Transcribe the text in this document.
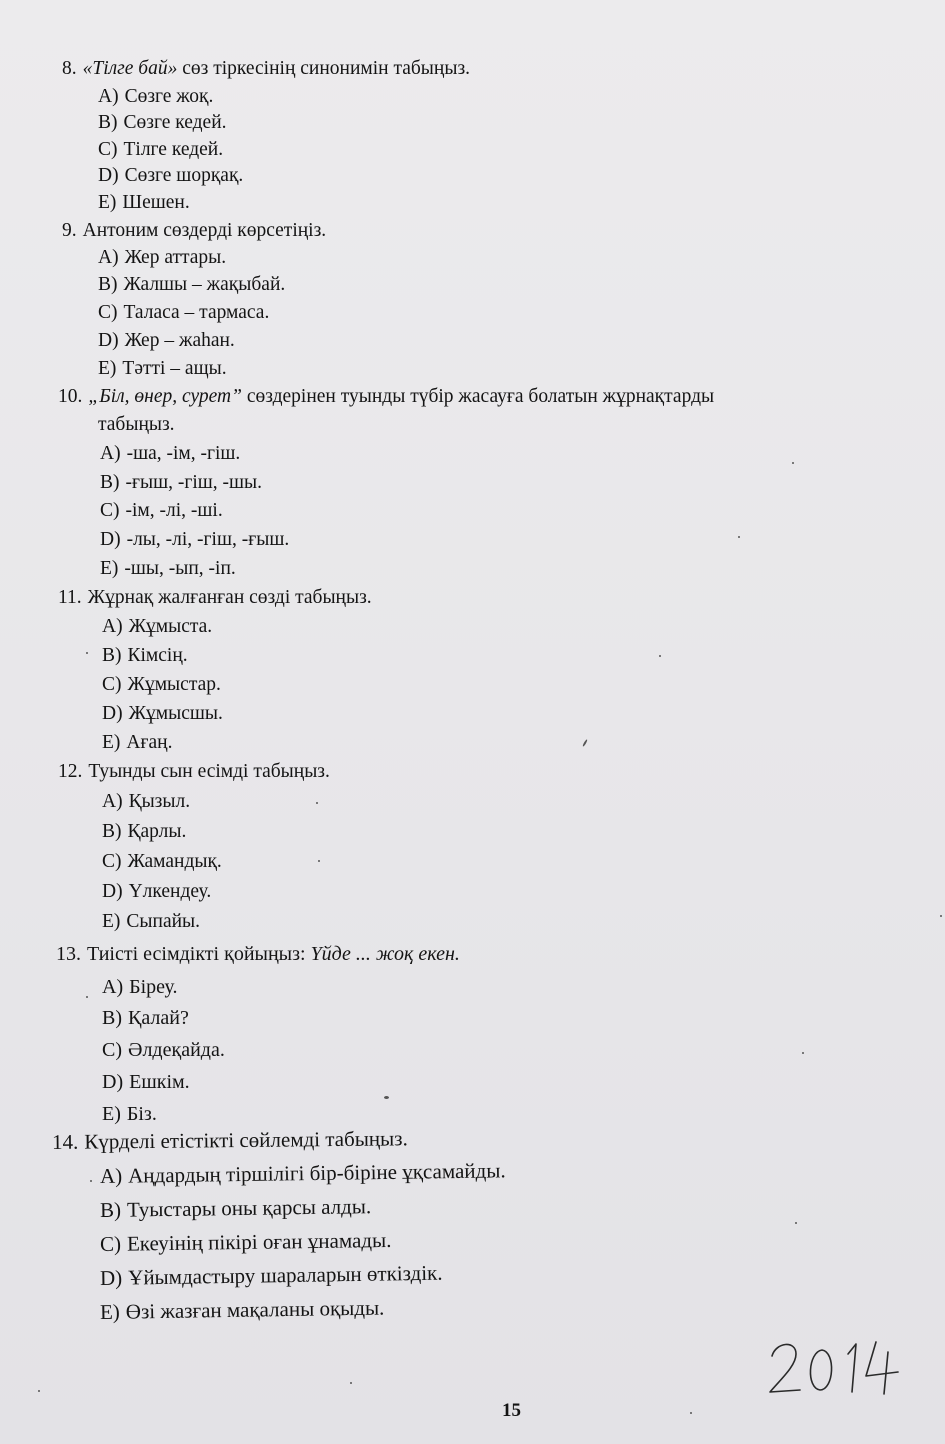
8. «Тілге бай» сөз тіркесінің синонимін табыңыз.
A) Сөзге жоқ.
B) Сөзге кедей.
C) Тілге кедей.
D) Сөзге шорқақ.
E) Шешен.
9. Антоним сөздерді көрсетіңіз.
A) Жер аттары.
B) Жалшы – жақыбай.
C) Таласа – тармаса.
D) Жер – жаһан.
E) Тәтті – ащы.
10. „Біл, өнер, сурет” сөздерінен туынды түбір жасауға болатын жұрнақтарды
табыңыз.
A) -ша, -ім, -гіш.
B) -ғыш, -гіш, -шы.
C) -ім, -лі, -ші.
D) -лы, -лі, -гіш, -ғыш.
E) -шы, -ып, -іп.
11. Жұрнақ жалғанған сөзді табыңыз.
A) Жұмыста.
B) Кімсің.
C) Жұмыстар.
D) Жұмысшы.
E) Ағаң.
12. Туынды сын есімді табыңыз.
A) Қызыл.
B) Қарлы.
C) Жамандық.
D) Үлкендеу.
E) Сыпайы.
13. Тиісті есімдікті қойыңыз: Үйде ... жоқ екен.
A) Біреу.
B) Қалай?
C) Әлдеқайда.
D) Ешкім.
E) Біз.
14. Күрделі етістікті сөйлемді табыңыз.
A) Аңдардың тіршілігі бір-біріне ұқсамайды.
B) Туыстары оны қарсы алды.
C) Екеуінің пікірі оған ұнамады.
D) Ұйымдастыру шараларын өткіздік.
E) Өзі жазған мақаланы оқыды.
15
